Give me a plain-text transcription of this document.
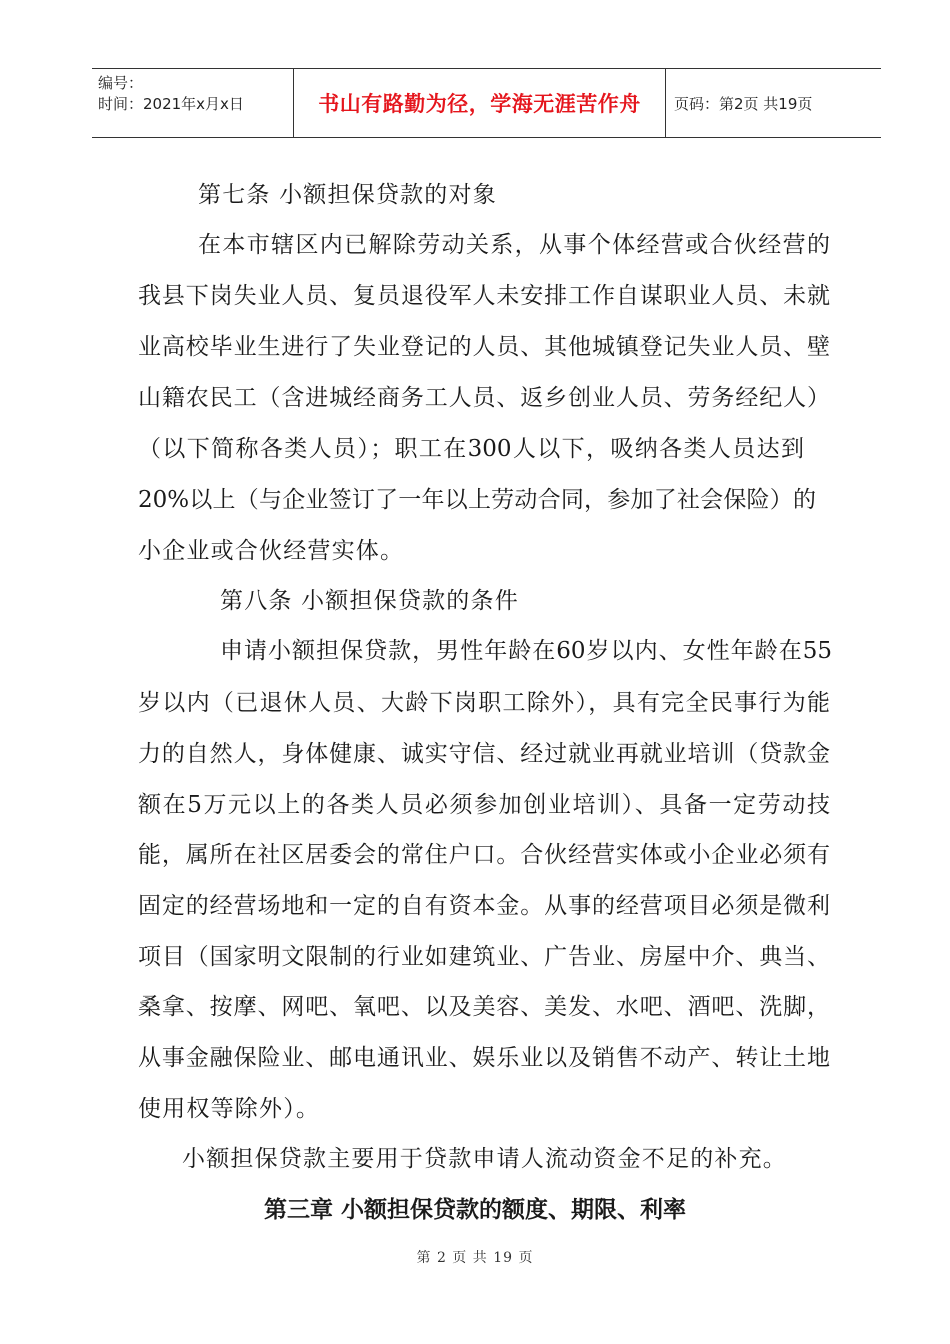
编号：
时间：2021年x月x日	书山有路勤为径，学海无涯苦作舟	页码：第2页 共19页
第七条 小额担保贷款的对象
在本市辖区内已解除劳动关系，从事个体经营或合伙经营的
我县下岗失业人员、复员退役军人未安排工作自谋职业人员、未就
业高校毕业生进行了失业登记的人员、其他城镇登记失业人员、壁
山籍农民工（含进城经商务工人员、返乡创业人员、劳务经纪人）
（以下简称各类人员）；职工在300人以下，吸纳各类人员达到
20%以上（与企业签订了一年以上劳动合同，参加了社会保险）的
小企业或合伙经营实体。
第八条 小额担保贷款的条件
申请小额担保贷款，男性年龄在60岁以内、女性年龄在55
岁以内（已退休人员、大龄下岗职工除外），具有完全民事行为能
力的自然人，身体健康、诚实守信、经过就业再就业培训（贷款金
额在5万元以上的各类人员必须参加创业培训）、具备一定劳动技
能，属所在社区居委会的常住户口。合伙经营实体或小企业必须有
固定的经营场地和一定的自有资本金。从事的经营项目必须是微利
项目（国家明文限制的行业如建筑业、广告业、房屋中介、典当、
桑拿、按摩、网吧、氧吧、以及美容、美发、水吧、酒吧、洗脚，
从事金融保险业、邮电通讯业、娱乐业以及销售不动产、转让土地
使用权等除外）。
小额担保贷款主要用于贷款申请人流动资金不足的补充。
第三章 小额担保贷款的额度、期限、利率
第 2 页 共 19 页
